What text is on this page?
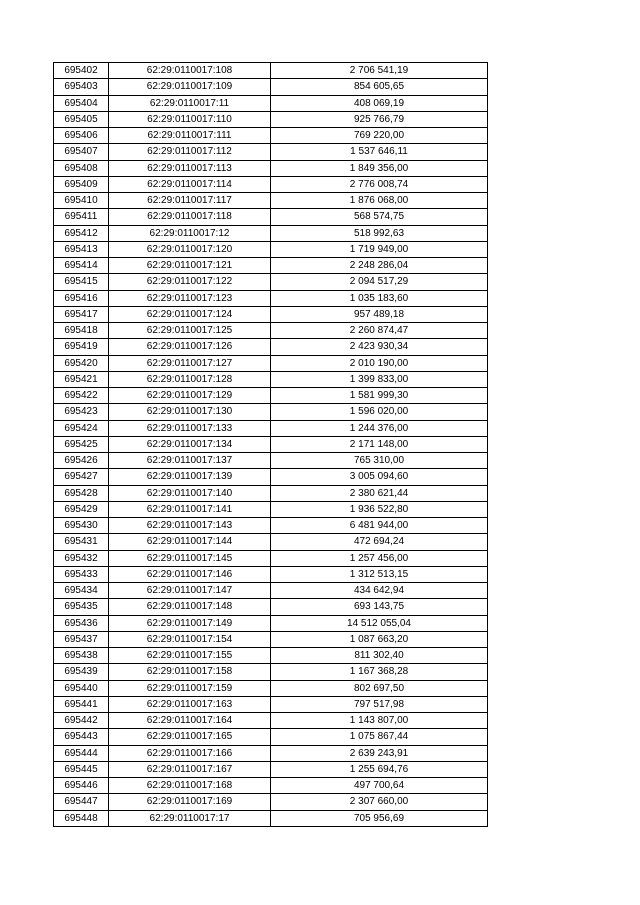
695402	62:29:0110017:108	2 706 541,19
695403	62:29:0110017:109	854 605,65
695404	62:29:0110017:11	408 069,19
695405	62:29:0110017:110	925 766,79
695406	62:29:0110017:111	769 220,00
695407	62:29:0110017:112	1 537 646,11
695408	62:29:0110017:113	1 849 356,00
695409	62:29:0110017:114	2 776 008,74
695410	62:29:0110017:117	1 876 068,00
695411	62:29:0110017:118	568 574,75
695412	62:29:0110017:12	518 992,63
695413	62:29:0110017:120	1 719 949,00
695414	62:29:0110017:121	2 248 286,04
695415	62:29:0110017:122	2 094 517,29
695416	62:29:0110017:123	1 035 183,60
695417	62:29:0110017:124	957 489,18
695418	62:29:0110017:125	2 260 874,47
695419	62:29:0110017:126	2 423 930,34
695420	62:29:0110017:127	2 010 190,00
695421	62:29:0110017:128	1 399 833,00
695422	62:29:0110017:129	1 581 999,30
695423	62:29:0110017:130	1 596 020,00
695424	62:29:0110017:133	1 244 376,00
695425	62:29:0110017:134	2 171 148,00
695426	62:29:0110017:137	765 310,00
695427	62:29:0110017:139	3 005 094,60
695428	62:29:0110017:140	2 380 621,44
695429	62:29:0110017:141	1 936 522,80
695430	62:29:0110017:143	6 481 944,00
695431	62:29:0110017:144	472 694,24
695432	62:29:0110017:145	1 257 456,00
695433	62:29:0110017:146	1 312 513,15
695434	62:29:0110017:147	434 642,94
695435	62:29:0110017:148	693 143,75
695436	62:29:0110017:149	14 512 055,04
695437	62:29:0110017:154	1 087 663,20
695438	62:29:0110017:155	811 302,40
695439	62:29:0110017:158	1 167 368,28
695440	62:29:0110017:159	802 697,50
695441	62:29:0110017:163	797 517,98
695442	62:29:0110017:164	1 143 807,00
695443	62:29:0110017:165	1 075 867,44
695444	62:29:0110017:166	2 639 243,91
695445	62:29:0110017:167	1 255 694,76
695446	62:29:0110017:168	497 700,64
695447	62:29:0110017:169	2 307 660,00
695448	62:29:0110017:17	705 956,69
